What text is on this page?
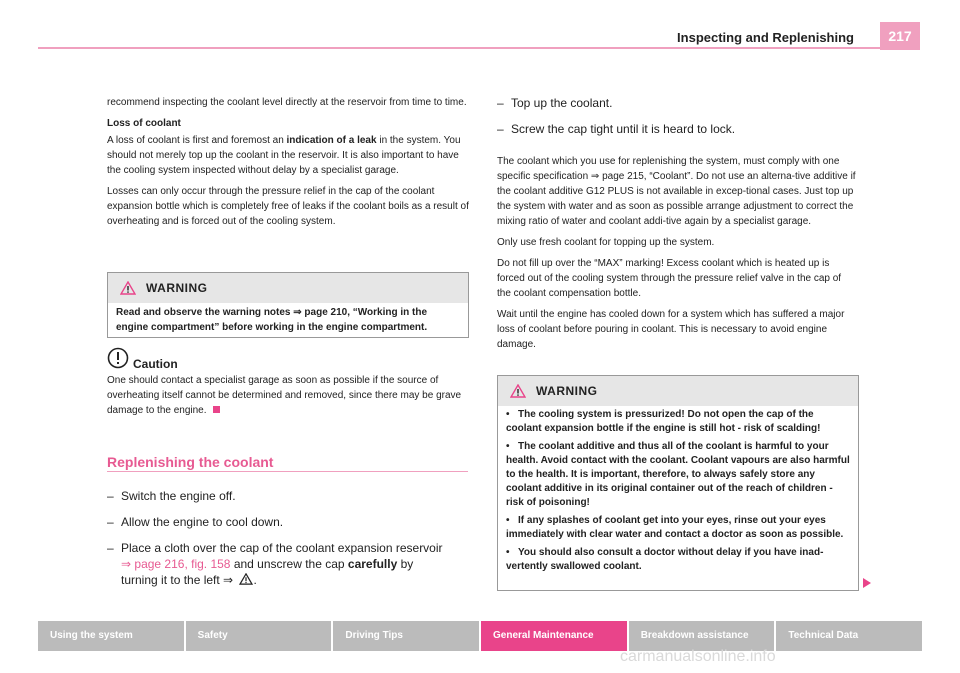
Inspecting and Replenishing	217

recommend inspecting the coolant level directly at the reservoir from time to time.

Loss of coolant

A loss of coolant is first and foremost an indication of a leak in the system. You should not merely top up the coolant in the reservoir. It is also important to have the cooling system inspected without delay by a specialist garage.

Losses can only occur through the pressure relief in the cap of the coolant expansion bottle which is completely free of leaks if the coolant boils as a result of overheating and is forced out of the cooling system.

WARNING
Read and observe the warning notes ⇒ page 210, “Working in the engine compartment” before working in the engine compartment.
Caution
One should contact a specialist garage as soon as possible if the source of overheating itself cannot be determined and removed, since there may be grave damage to the engine.
Replenishing the coolant
– Switch the engine off.
– Allow the engine to cool down.
– Place a cloth over the cap of the coolant expansion reservoir
⇒ page 216, fig. 158 and unscrew the cap carefully by
turning it to the left ⇒ .
– Top up the coolant.
– Screw the cap tight until it is heard to lock.

The coolant which you use for replenishing the system, must comply with one specific specification ⇒ page 215, “Coolant”. Do not use an alterna-tive additive if the coolant additive G12 PLUS is not available in excep-tional cases. Just top up the system with water and as soon as possible arrange adjustment to correct the mixing ratio of water and coolant addi-tive again by a specialist garage.

Only use fresh coolant for topping up the system.

Do not fill up over the “MAX” marking! Excess coolant which is heated up is forced out of the cooling system through the pressure relief valve in the cap of the coolant compensation bottle.

Wait until the engine has cooled down for a system which has suffered a major loss of coolant before pouring in coolant. This is necessary to avoid engine damage.

WARNING

• The cooling system is pressurized! Do not open the cap of the coolant expansion bottle if the engine is still hot - risk of scalding!

• The coolant additive and thus all of the coolant is harmful to your health. Avoid contact with the coolant. Coolant vapours are also harmful to the health. It is important, therefore, to always safely store any coolant additive in its original container out of the reach of children - risk of poisoning!

• If any splashes of coolant get into your eyes, rinse out your eyes immediately with clear water and contact a doctor as soon as possible.

• You should also consult a doctor without delay if you have inad-vertently swallowed coolant.

Using the system	Safety	Driving Tips	General Maintenance	Breakdown assistance	Technical Data
carmanualsonline.info
